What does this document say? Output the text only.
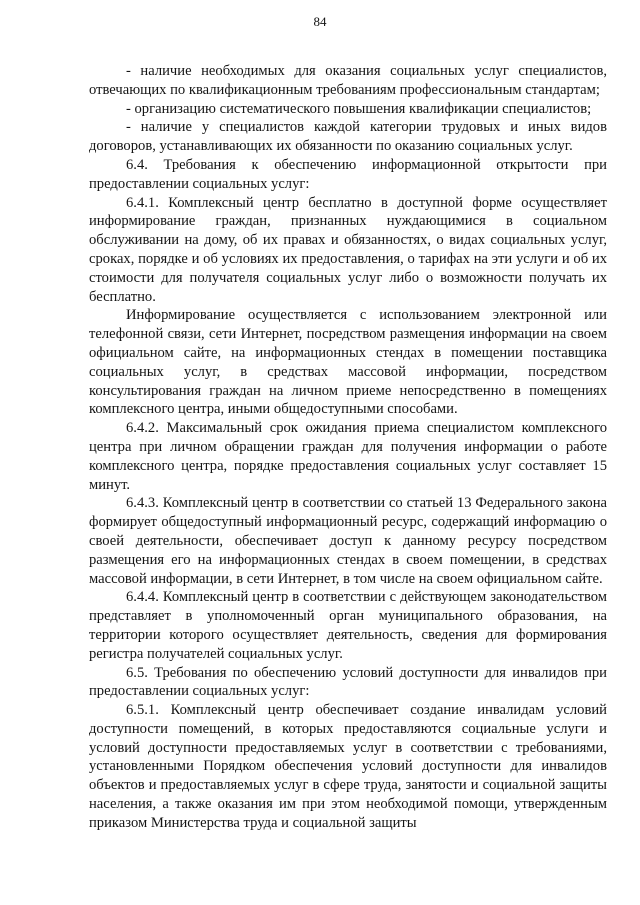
84

- наличие необходимых для оказания социальных услуг специалистов, отвечающих по квалификационным требованиям профессиональным стандартам;

- организацию систематического повышения квалификации специалистов;

- наличие у специалистов каждой категории трудовых и иных видов договоров, устанавливающих их обязанности по оказанию социальных услуг.

6.4. Требования к обеспечению информационной открытости при предоставлении социальных услуг:

6.4.1. Комплексный центр бесплатно в доступной форме осуществляет информирование граждан, признанных нуждающимися в социальном обслуживании на дому, об их правах и обязанностях, о видах социальных услуг, сроках, порядке и об условиях их предоставления, о тарифах на эти услуги и об их стоимости для получателя социальных услуг либо о возможности получать их бесплатно.

Информирование осуществляется с использованием электронной или телефонной связи, сети Интернет, посредством размещения информации на своем официальном сайте, на информационных стендах в помещении поставщика социальных услуг, в средствах массовой информации, посредством консультирования граждан на личном приеме непосредственно в помещениях комплексного центра, иными общедоступными способами.

6.4.2. Максимальный срок ожидания приема специалистом комплексного центра при личном обращении граждан для получения информации о работе комплексного центра, порядке предоставления социальных услуг составляет 15 минут.

6.4.3. Комплексный центр в соответствии со статьей 13 Федерального закона формирует общедоступный информационный ресурс, содержащий информацию о своей деятельности, обеспечивает доступ к данному ресурсу посредством размещения его на информационных стендах в своем помещении, в средствах массовой информации, в сети Интернет, в том числе на своем официальном сайте.

6.4.4. Комплексный центр в соответствии с действующем законодательством представляет в уполномоченный орган муниципального образования, на территории которого осуществляет деятельность, сведения для формирования регистра получателей социальных услуг.

6.5. Требования по обеспечению условий доступности для инвалидов при предоставлении социальных услуг:

6.5.1. Комплексный центр обеспечивает создание инвалидам условий доступности помещений, в которых предоставляются социальные услуги и условий доступности предоставляемых услуг в соответствии с требованиями, установленными Порядком обеспечения условий доступности для инвалидов объектов и предоставляемых услуг в сфере труда, занятости и социальной защиты населения, а также оказания им при этом необходимой помощи, утвержденным приказом Министерства труда и социальной защиты
